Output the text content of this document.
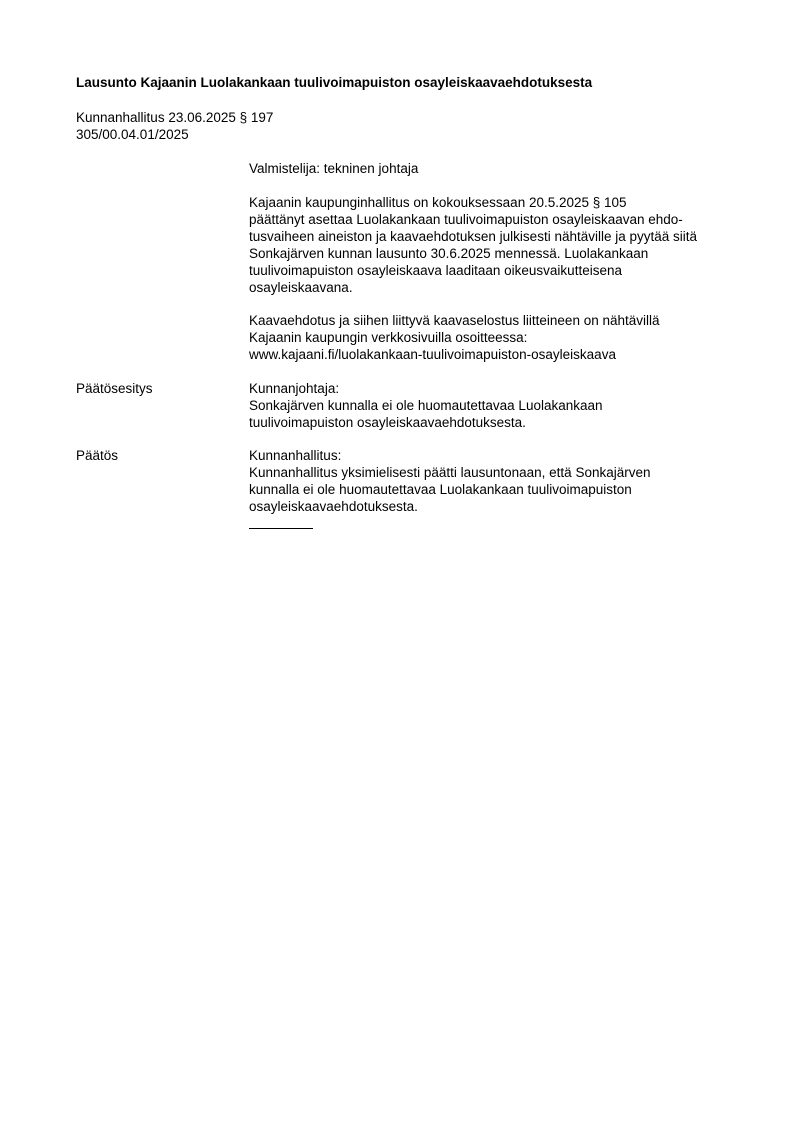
Lausunto Kajaanin Luolakankaan tuulivoimapuiston osayleiskaavaehdotuksesta
Kunnanhallitus 23.06.2025 § 197
305/00.04.01/2025
Valmistelija: tekninen johtaja
Kajaanin kaupunginhallitus on kokouksessaan 20.5.2025 § 105
päättänyt asettaa Luolakankaan tuulivoimapuiston osayleiskaavan ehdo-
tusvaiheen aineiston ja kaavaehdotuksen julkisesti nähtäville ja pyytää siitä
Sonkajärven kunnan lausunto 30.6.2025 mennessä. Luolakankaan
tuulivoimapuiston osayleiskaava laaditaan oikeusvaikutteisena
osayleiskaavana.
Kaavaehdotus ja siihen liittyvä kaavaselostus liitteineen on nähtävillä
Kajaanin kaupungin verkkosivuilla osoitteessa:
www.kajaani.fi/luolakankaan-tuulivoimapuiston-osayleiskaava
Päätösesitys	Kunnanjohtaja:
Sonkajärven kunnalla ei ole huomautettavaa Luolakankaan
tuulivoimapuiston osayleiskaavaehdotuksesta.
Päätös	Kunnanhallitus:
Kunnanhallitus yksimielisesti päätti lausuntonaan, että Sonkajärven
kunnalla ei ole huomautettavaa Luolakankaan tuulivoimapuiston
osayleiskaavaehdotuksesta.
